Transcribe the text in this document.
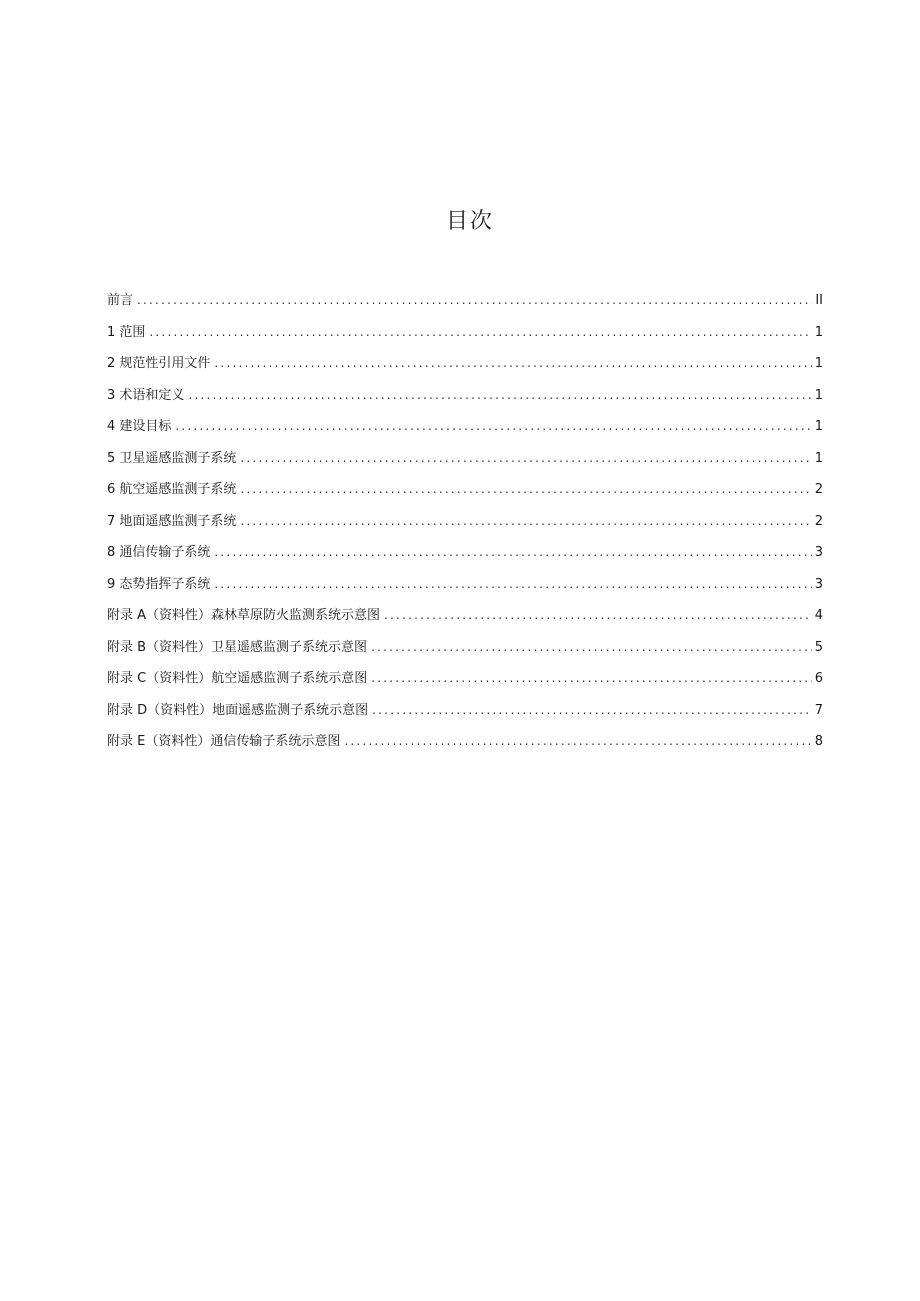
目次
前言 .....	II
1 范围 .....	1
2 规范性引用文件 .....	1
3 术语和定义 .....	1
4 建设目标 .....	1
5 卫星遥感监测子系统 .....	1
6 航空遥感监测子系统 .....	2
7 地面遥感监测子系统 .....	2
8 通信传输子系统 .....	3
9 态势指挥子系统 .....	3
附录 A（资料性）森林草原防火监测系统示意图 .....	4
附录 B（资料性）卫星遥感监测子系统示意图 .....	5
附录 C（资料性）航空遥感监测子系统示意图 .....	6
附录 D（资料性）地面遥感监测子系统示意图 .....	7
附录 E（资料性）通信传输子系统示意图 .....	8
